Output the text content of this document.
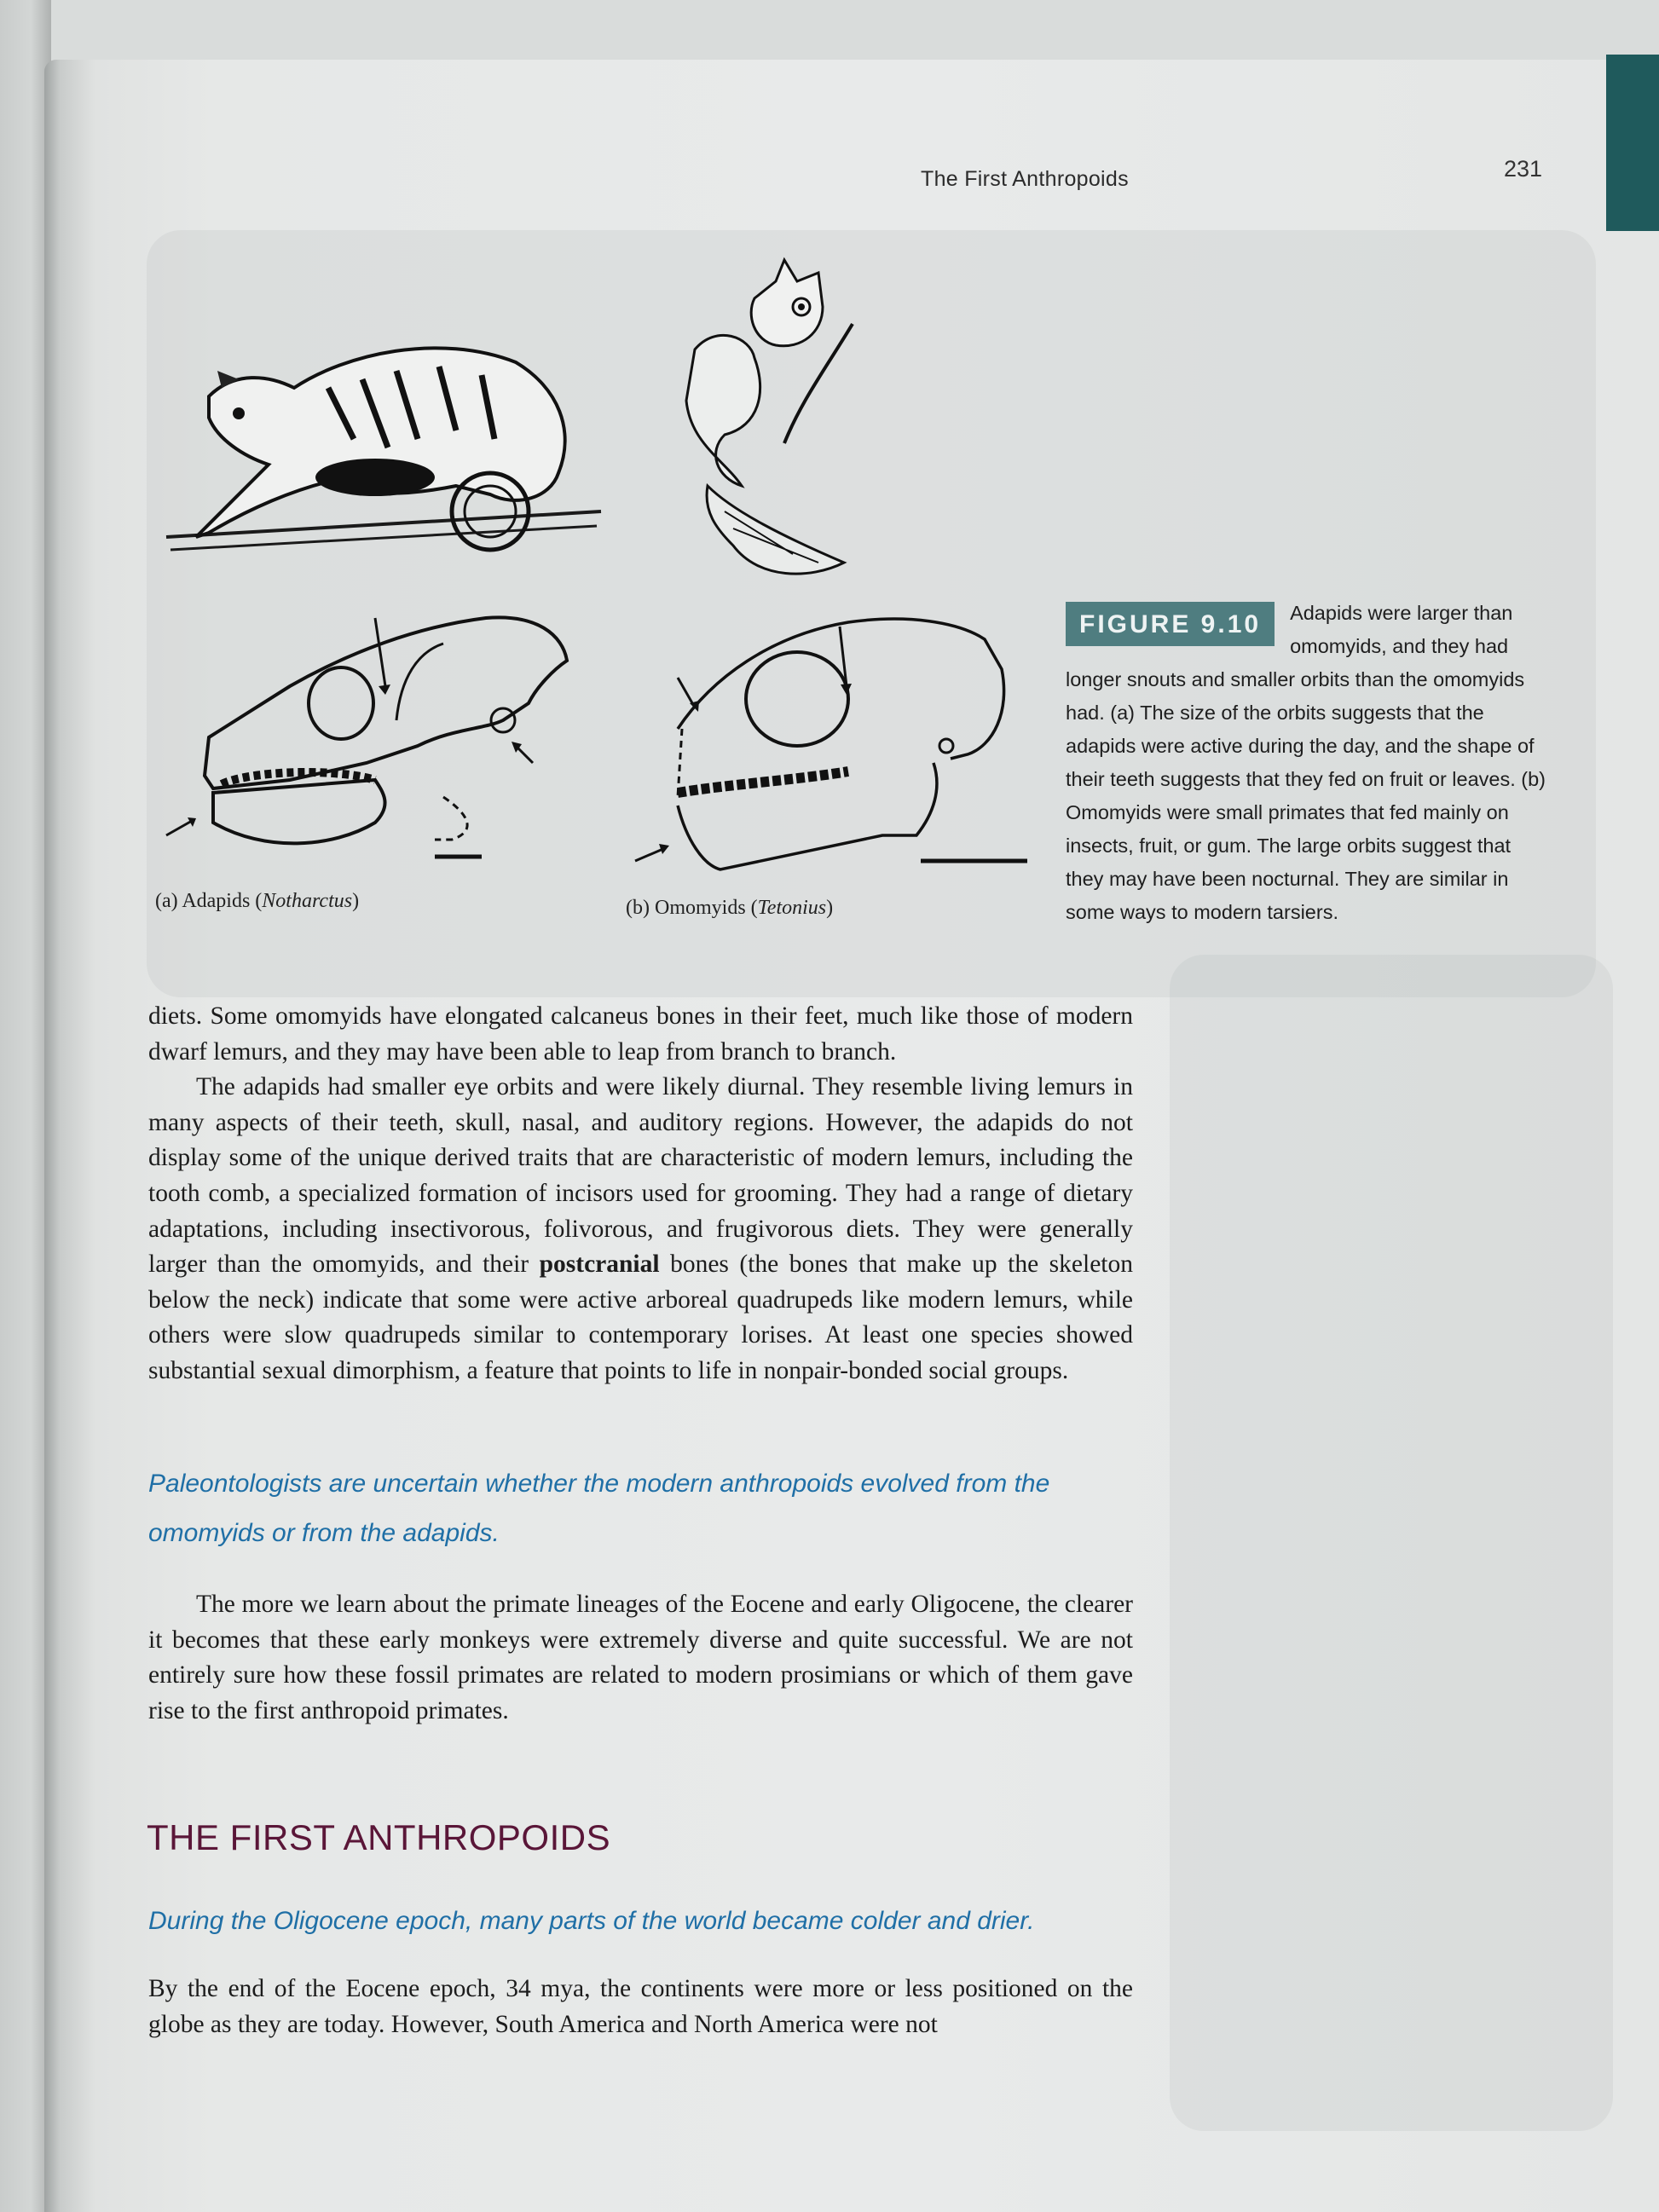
The First Anthropoids	231
(a) Adapids (Notharctus)	(b) Omomyids (Tetonius)
FIGURE 9.10	Adapids were larger than omomyids, and they had longer snouts and smaller orbits than the omomyids had. (a) The size of the orbits suggests that the adapids were active during the day, and the shape of their teeth suggests that they fed on fruit or leaves. (b) Omomyids were small primates that fed mainly on insects, fruit, or gum. The large orbits suggest that they may have been nocturnal. They are similar in some ways to modern tarsiers.

diets. Some omomyids have elongated calcaneus bones in their feet, much like those of modern dwarf lemurs, and they may have been able to leap from branch to branch.

The adapids had smaller eye orbits and were likely diurnal. They resemble living lemurs in many aspects of their teeth, skull, nasal, and auditory regions. However, the adapids do not display some of the unique derived traits that are characteristic of modern lemurs, including the tooth comb, a specialized formation of incisors used for grooming. They had a range of dietary adaptations, including insectivorous, folivorous, and frugivorous diets. They were generally larger than the omomyids, and their postcranial bones (the bones that make up the skeleton below the neck) indicate that some were active arboreal quadrupeds like modern lemurs, while others were slow quadrupeds similar to contemporary lorises. At least one species showed substantial sexual dimorphism, a feature that points to life in nonpair-bonded social groups.

Paleontologists are uncertain whether the modern anthropoids evolved from the omomyids or from the adapids.

The more we learn about the primate lineages of the Eocene and early Oligocene, the clearer it becomes that these early monkeys were extremely diverse and quite successful. We are not entirely sure how these fossil primates are related to modern prosimians or which of them gave rise to the first anthropoid primates.

THE FIRST ANTHROPOIDS
During the Oligocene epoch, many parts of the world became colder and drier.

By the end of the Eocene epoch, 34 mya, the continents were more or less positioned on the globe as they are today. However, South America and North America were not
